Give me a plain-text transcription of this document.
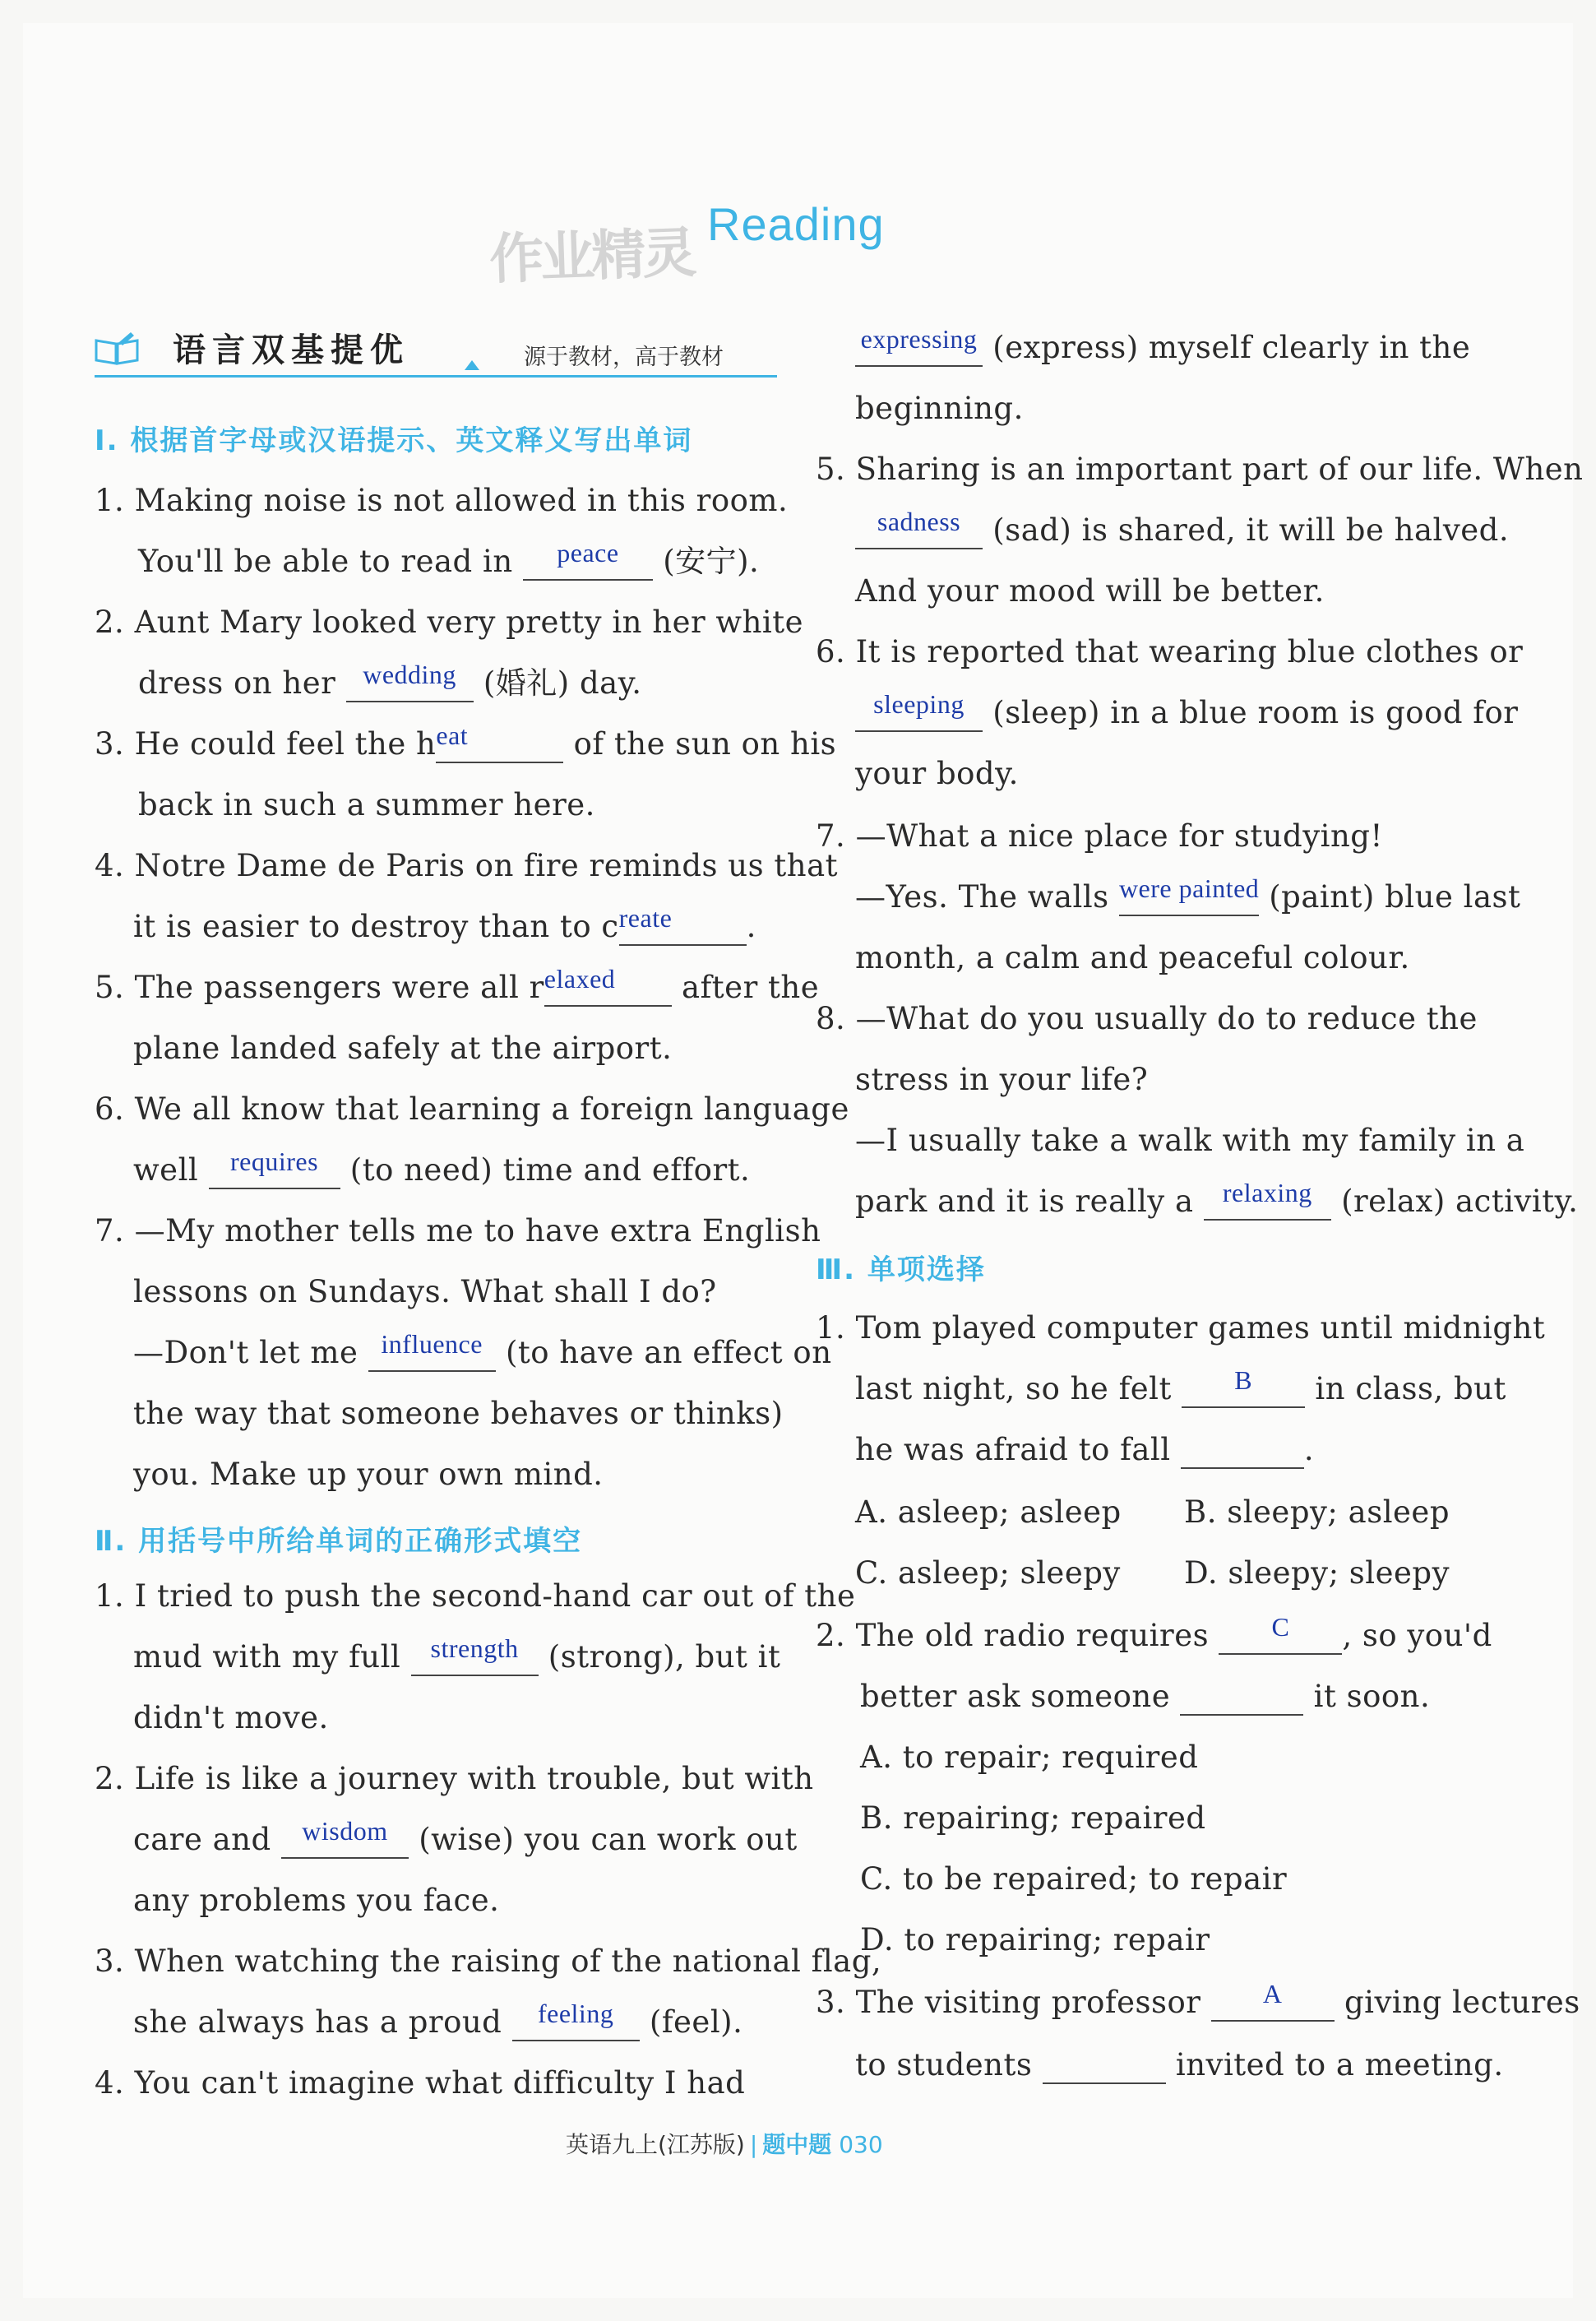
作业精灵 Reading
语言双基提优	源于教材，高于教材
Ⅰ. 根据首字母或汉语提示、英文释义写出单词
1. Making noise is not allowed in this room.
You'll be able to read in peace (安宁).
2. Aunt Mary looked very pretty in her white
dress on her wedding (婚礼) day.
3. He could feel the heat	of the sun on his
back in such a summer here.
4. Notre Dame de Paris on fire reminds us that
it is easier to destroy than to create .
5. The passengers were all relaxed after the
plane landed safely at the airport.
6. We all know that learning a foreign language
well requires (to need) time and effort.
7. —My mother tells me to have extra English
lessons on Sundays. What shall I do?
—Don't let me influence (to have an effect on
the way that someone behaves or thinks)
you. Make up your own mind.
Ⅱ. 用括号中所给单词的正确形式填空
1. I tried to push the second-hand car out of the
mud with my full strength (strong), but it
didn't move.
2. Life is like a journey with trouble, but with
care and wisdom (wise) you can work out
any problems you face.
3. When watching the raising of the national flag,
she always has a proud feeling (feel).
4. You can't imagine what difficulty I had
expressing (express) myself clearly in the
beginning.
5. Sharing is an important part of our life. When
sadness (sad) is shared, it will be halved.
And your mood will be better.
6. It is reported that wearing blue clothes or
sleeping (sleep) in a blue room is good for
your body.
7. —What a nice place for studying!
—Yes. The walls were painted (paint) blue last
month, a calm and peaceful colour.
8. —What do you usually do to reduce the
stress in your life?
—I usually take a walk with my family in a
park and it is really a relaxing (relax) activity.
Ⅲ. 单项选择
1. Tom played computer games until midnight
last night, so he felt B in class, but
he was afraid to fall	.
A. asleep; asleep B. sleepy; asleep
C. asleep; sleepy D. sleepy; sleepy
2. The old radio requires C , so you'd
better ask someone	it soon.
A. to repair; required
B. repairing; repaired
C. to be repaired; to repair
D. to repairing; repair
3. The visiting professor A giving lectures
to students	invited to a meeting.
英语九上(江苏版) | 题中题 030
